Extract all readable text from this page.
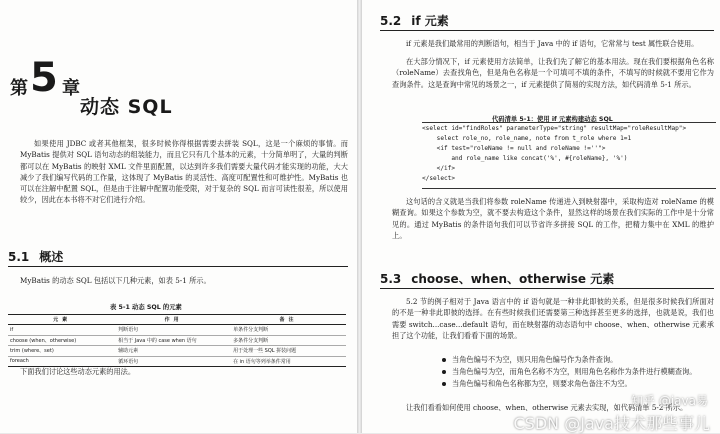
第 5 章
动态 SQL

如果使用 JDBC 或者其他框架，很多时候你得根据需要去拼装 SQL，这是一个麻烦的事情。而 MyBatis 提供对 SQL 语句动态的组装能力，而且它只有几个基本的元素，十分简单明了，大量的判断都可以在 MyBatis 的映射 XML 文件里面配置，以达到许多我们需要大量代码才能实现的功能，大大减少了我们编写代码的工作量，这体现了 MyBatis 的灵活性、高度可配置性和可维护性。MyBatis 也可以在注解中配置 SQL，但是由于注解中配置功能受限，对于复杂的 SQL 而言可读性很差，所以使用较少，因此在本书将不对它们进行介绍。

5.1 概述

MyBatis 的动态 SQL 包括以下几种元素，如表 5-1 所示。

表 5-1 动态 SQL 的元素

元素	作用	备注
if	判断语句	单条件分支判断
choose (when、otherwise)	相当于 Java 中的 case when 语句	多条件分支判断
trim (where、set)	辅助元素	用于处理一些 SQL 拼装问题
foreach	循环语句	在 in 语句等列举条件常用

下面我们讨论这些动态元素的用法。

5.2 if 元素

if 元素是我们最常用的判断语句，相当于 Java 中的 if 语句，它常常与 test 属性联合使用。

在大部分情况下，if 元素使用方法简单，让我们先了解它的基本用法。现在我们要根据角色名称（roleName）去查找角色，但是角色名称是一个可填可不填的条件，不填写的时候就不要用它作为查询条件。这是查询中常见的场景之一，if 元素提供了简易的实现方法，如代码清单 5-1 所示。

代码清单 5-1：使用 if 元素构建动态 SQL

<select id="findRoles" parameterType="string" resultMap="roleResultMap">

select role_no, role_name, note from t_role where 1=1

<if test="roleName != null and roleName !=''">

and role_name like concat('%', #{roleName}, '%')

</if>

</select>

这句话的含义就是当我们将参数 roleName 传递进入到映射器中，采取构造对 roleName 的模糊查询。如果这个参数为空，就不要去构造这个条件，显然这样的场景在我们实际的工作中是十分常见的。通过 MyBatis 的条件语句我们可以节省许多拼接 SQL 的工作，把精力集中在 XML 的维护上。

5.3 choose、when、otherwise 元素

5.2 节的例子相对于 Java 语言中的 if 语句就是一种非此即彼的关系，但是很多时候我们所面对的不是一种非此即彼的选择。在有些时候我们还需要第三种选择甚至更多的选择，也就是说，我们也需要 switch...case...default 语句，而在映射器的动态语句中 choose、when、otherwise 元素承担了这个功能，让我们看看下面的场景。

当角色编号不为空，则只用角色编号作为条件查询。
当角色编号为空，而角色名称不为空，则用角色名称作为条件进行模糊查询。
当角色编号和角色名称都为空，则要求角色备注不为空。

让我们看看如何使用 choose、when、otherwise 元素去实现，如代码清单 5-2 所示。

知乎 @java易
CSDN @Java技术那些事儿
